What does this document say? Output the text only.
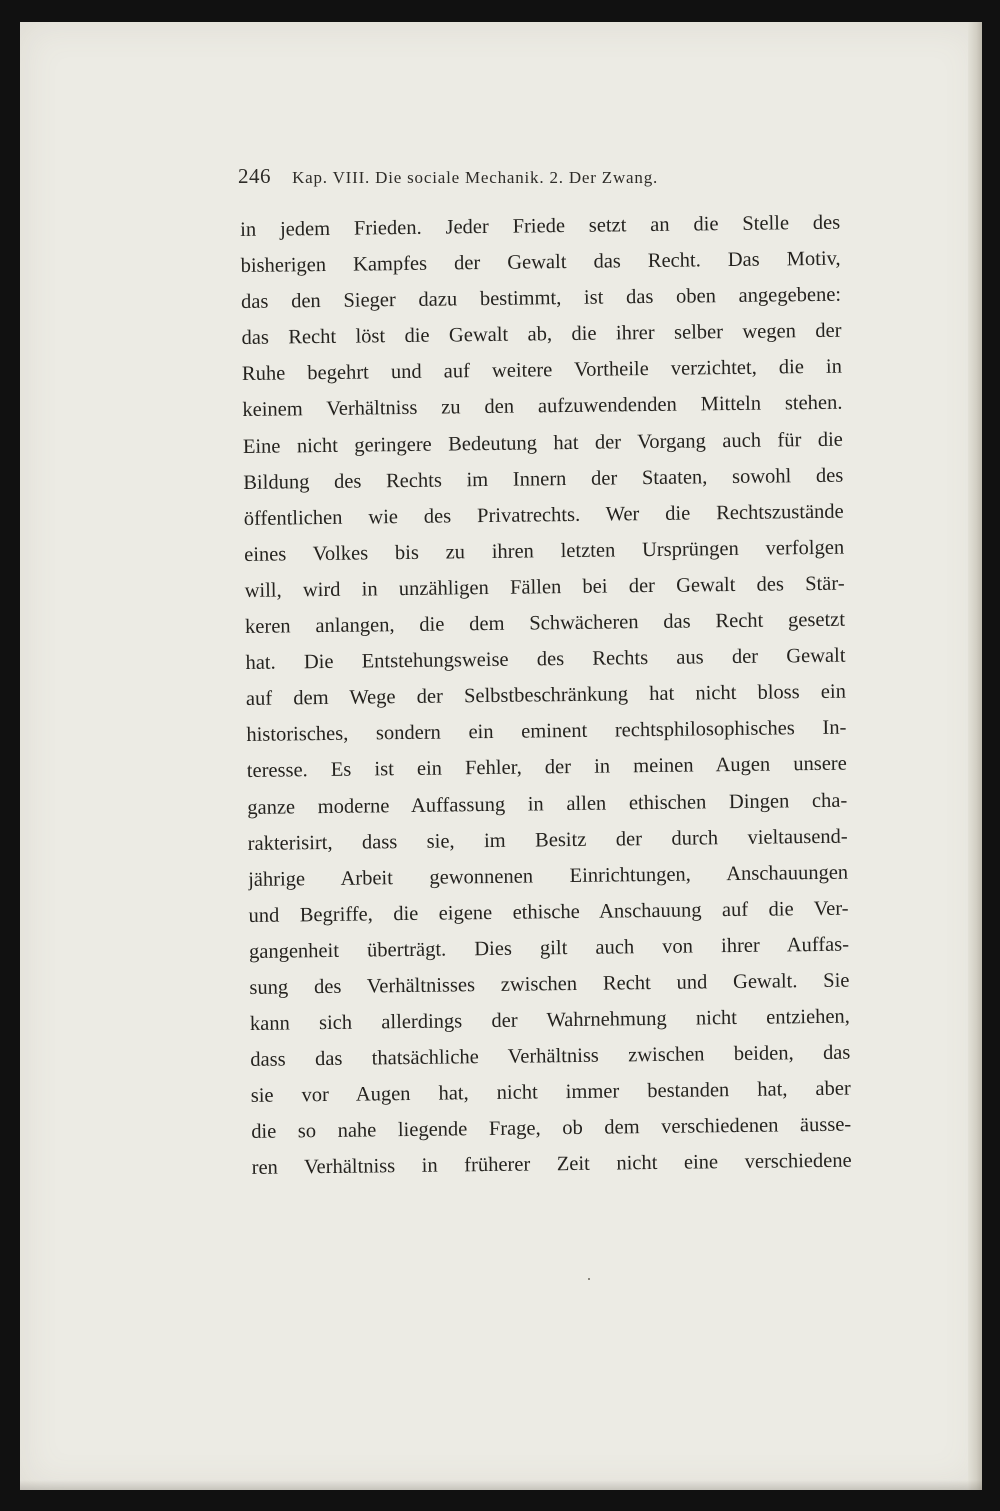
246 Kap. VIII. Die sociale Mechanik. 2. Der Zwang.
in jedem Frieden. Jeder Friede setzt an die Stelle des
bisherigen Kampfes der Gewalt das Recht. Das Motiv,
das den Sieger dazu bestimmt, ist das oben angegebene:
das Recht löst die Gewalt ab, die ihrer selber wegen der
Ruhe begehrt und auf weitere Vortheile verzichtet, die in
keinem Verhältniss zu den aufzuwendenden Mitteln stehen.
Eine nicht geringere Bedeutung hat der Vorgang auch für die
Bildung des Rechts im Innern der Staaten, sowohl des
öffentlichen wie des Privatrechts. Wer die Rechtszustände
eines Volkes bis zu ihren letzten Ursprüngen verfolgen
will, wird in unzähligen Fällen bei der Gewalt des Stär-
keren anlangen, die dem Schwächeren das Recht gesetzt
hat. Die Entstehungsweise des Rechts aus der Gewalt
auf dem Wege der Selbstbeschränkung hat nicht bloss ein
historisches, sondern ein eminent rechtsphilosophisches In-
teresse. Es ist ein Fehler, der in meinen Augen unsere
ganze moderne Auffassung in allen ethischen Dingen cha-
rakterisirt, dass sie, im Besitz der durch vieltausend-
jährige Arbeit gewonnenen Einrichtungen, Anschauungen
und Begriffe, die eigene ethische Anschauung auf die Ver-
gangenheit überträgt. Dies gilt auch von ihrer Auffas-
sung des Verhältnisses zwischen Recht und Gewalt. Sie
kann sich allerdings der Wahrnehmung nicht entziehen,
dass das thatsächliche Verhältniss zwischen beiden, das
sie vor Augen hat, nicht immer bestanden hat, aber
die so nahe liegende Frage, ob dem verschiedenen äusse-
ren Verhältniss in früherer Zeit nicht eine verschiedene
